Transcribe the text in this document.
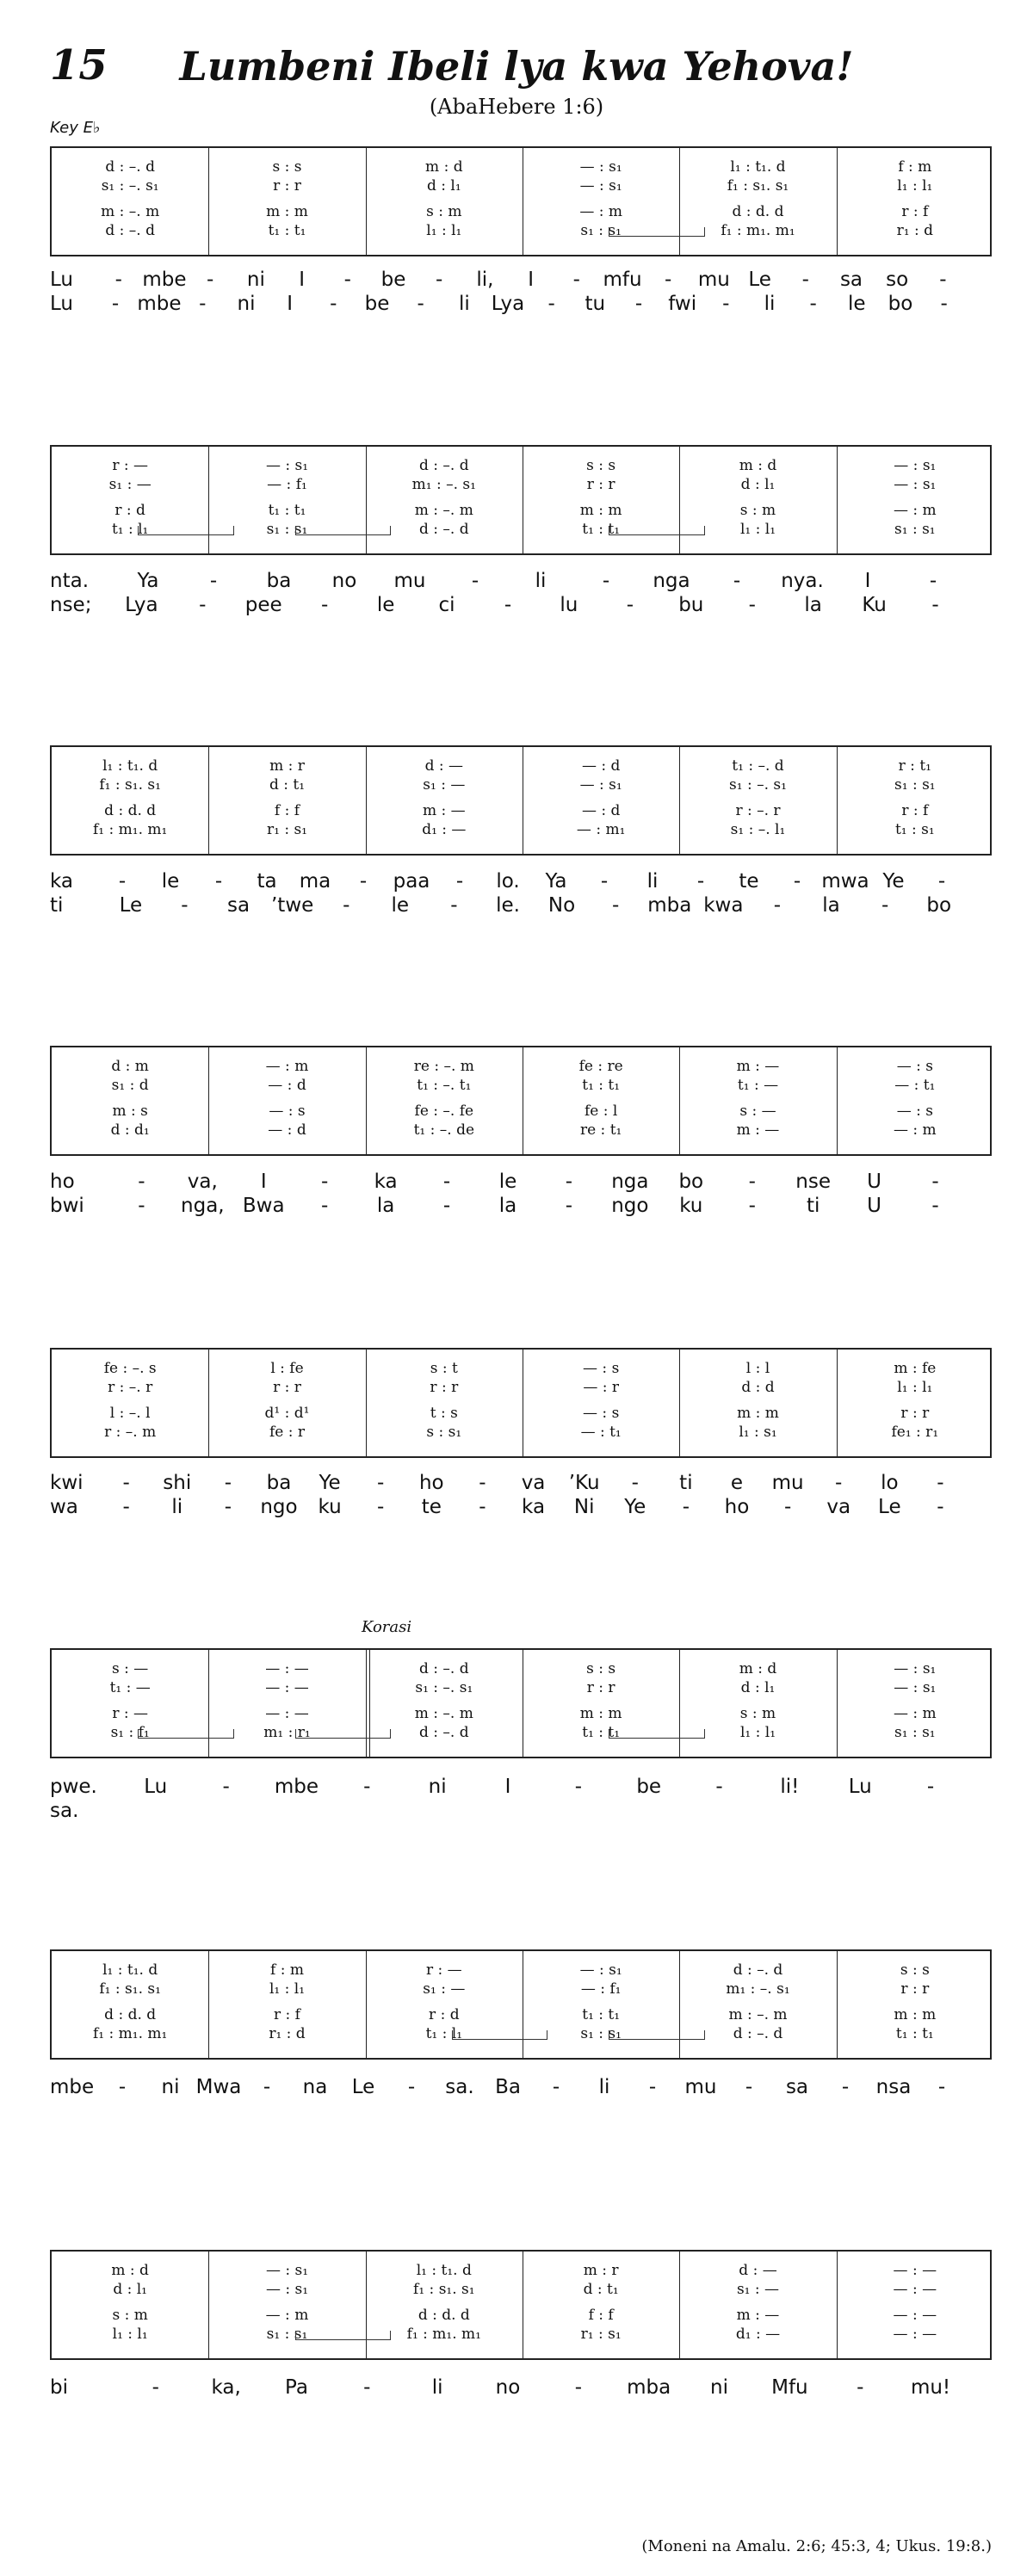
15	Lumbeni Ibeli lya kwa Yehova!
(AbaHebere 1:6)
Key E♭
Korasi
d : –. d	s : s	m : d	— : s₁	l₁ : t₁. d	f : m
s₁ : –. s₁	r : r	d : l₁	— : s₁	f₁ : s₁. s₁	l₁ : l₁
m : –. m	m : m	s : m	— : m	d : d. d	r : f
d : –. d	t₁ : t₁	l₁ : l₁	s₁ : s₁	f₁ : m₁. m₁	r₁ : d
Lu	-	mbe	-	ni	I	-	be	-	li,	I	-	mfu	-	mu Le	-	sa	so	-
Lu	- mbe -	ni	I	-	be	-	li	Lya	-	tu	-	fwi	-	li	-	le	bo	-
r : —	— : s₁	d : –. d	s : s	m : d	— : s₁
s₁ : —	— : f₁	m₁ : –. s₁	r : r	d : l₁	— : s₁
r : d	t₁ : t₁	m : –. m	m : m	s : m	— : m
t₁ : l₁	s₁ : s₁	d : –. d	t₁ : t₁	l₁ : l₁	s₁ : s₁
nta.	Ya	-	ba	no	mu	-	li	-	nga	-	nya.	I	-
nse;	Lya	-	pee	-	le	ci	-	lu	-	bu	-	la	Ku	-
l₁ : t₁. d	m : r	d : —	— : d	t₁ : –. d	r : t₁
f₁ : s₁. s₁	d : t₁	s₁ : —	— : s₁	s₁ : –. s₁	s₁ : s₁
d : d. d	f : f	m : —	— : d	r : –. r	r : f
f₁ : m₁. m₁	r₁ : s₁	d₁ : —	— : m₁	s₁ : –. l₁	t₁ : s₁
ka	-	le	-	ta	ma	-	paa	-	lo.	Ya	-	li	-	te	-	mwa Ye	-
ti	Le	-	sa	’twe	-	le	-	le.	No	-	mba kwa	-	la	-	bo
d : m	— : m	re : –. m	fe : re	m : —	— : s
s₁ : d	— : d	t₁ : –. t₁	t₁ : t₁	t₁ : —	— : t₁
m : s	— : s	fe : –. fe	fe : l	s : —	— : s
d : d₁	— : d	t₁ : –. de	re : t₁	m : —	— : m
ho	-	va,	I	-	ka	-	le	-	nga	bo	-	nse	U	-
bwi	-	nga, Bwa	-	la	-	la	-	ngo	ku	-	ti	U	-
fe : –. s	l : fe	s : t	— : s	l : l	m : fe
r : –. r	r : r	r : r	— : r	d : d	l₁ : l₁
l : –. l	d¹ : d¹	t : s	— : s	m : m	r : r
r : –. m	fe : r	s : s₁	— : t₁	l₁ : s₁	fe₁ : r₁
kwi	-	shi	-	ba	Ye	-	ho	-	va	’Ku	-	ti	e	mu	-	lo	-
wa	-	li	-	ngo	ku	-	te	-	ka	Ni	Ye	-	ho	-	va	Le	-
s : —	— : —	d : –. d	s : s	m : d	— : s₁
t₁ : —	— : —	s₁ : –. s₁	r : r	d : l₁	— : s₁
r : —	— : —	m : –. m	m : m	s : m	— : m
s₁ : f₁	m₁ : r₁	d : –. d	t₁ : t₁	l₁ : l₁	s₁ : s₁
pwe.	Lu	-	mbe	-	ni	I	-	be	-	li!	Lu	-
sa.
l₁ : t₁. d	f : m	r : —	— : s₁	d : –. d	s : s
f₁ : s₁. s₁	l₁ : l₁	s₁ : —	— : f₁	m₁ : –. s₁	r : r
d : d. d	r : f	r : d	t₁ : t₁	m : –. m	m : m
f₁ : m₁. m₁	r₁ : d	t₁ : l₁	s₁ : s₁	d : –. d	t₁ : t₁
mbe	-	ni Mwa	-	na	Le	-	sa.	Ba	-	li	-	mu	-	sa	-	nsa	-
m : d	— : s₁	l₁ : t₁. d	m : r	d : —	— : —
d : l₁	— : s₁	f₁ : s₁. s₁	d : t₁	s₁ : —	— : —
s : m	— : m	d : d. d	f : f	m : —	— : —
l₁ : l₁	s₁ : s₁	f₁ : m₁. m₁	r₁ : s₁	d₁ : —	— : —
bi	-	ka,	Pa	-	li	no	-	mba	ni	Mfu	-	mu!
(Moneni na Amalu. 2:6; 45:3, 4; Ukus. 19:8.)
